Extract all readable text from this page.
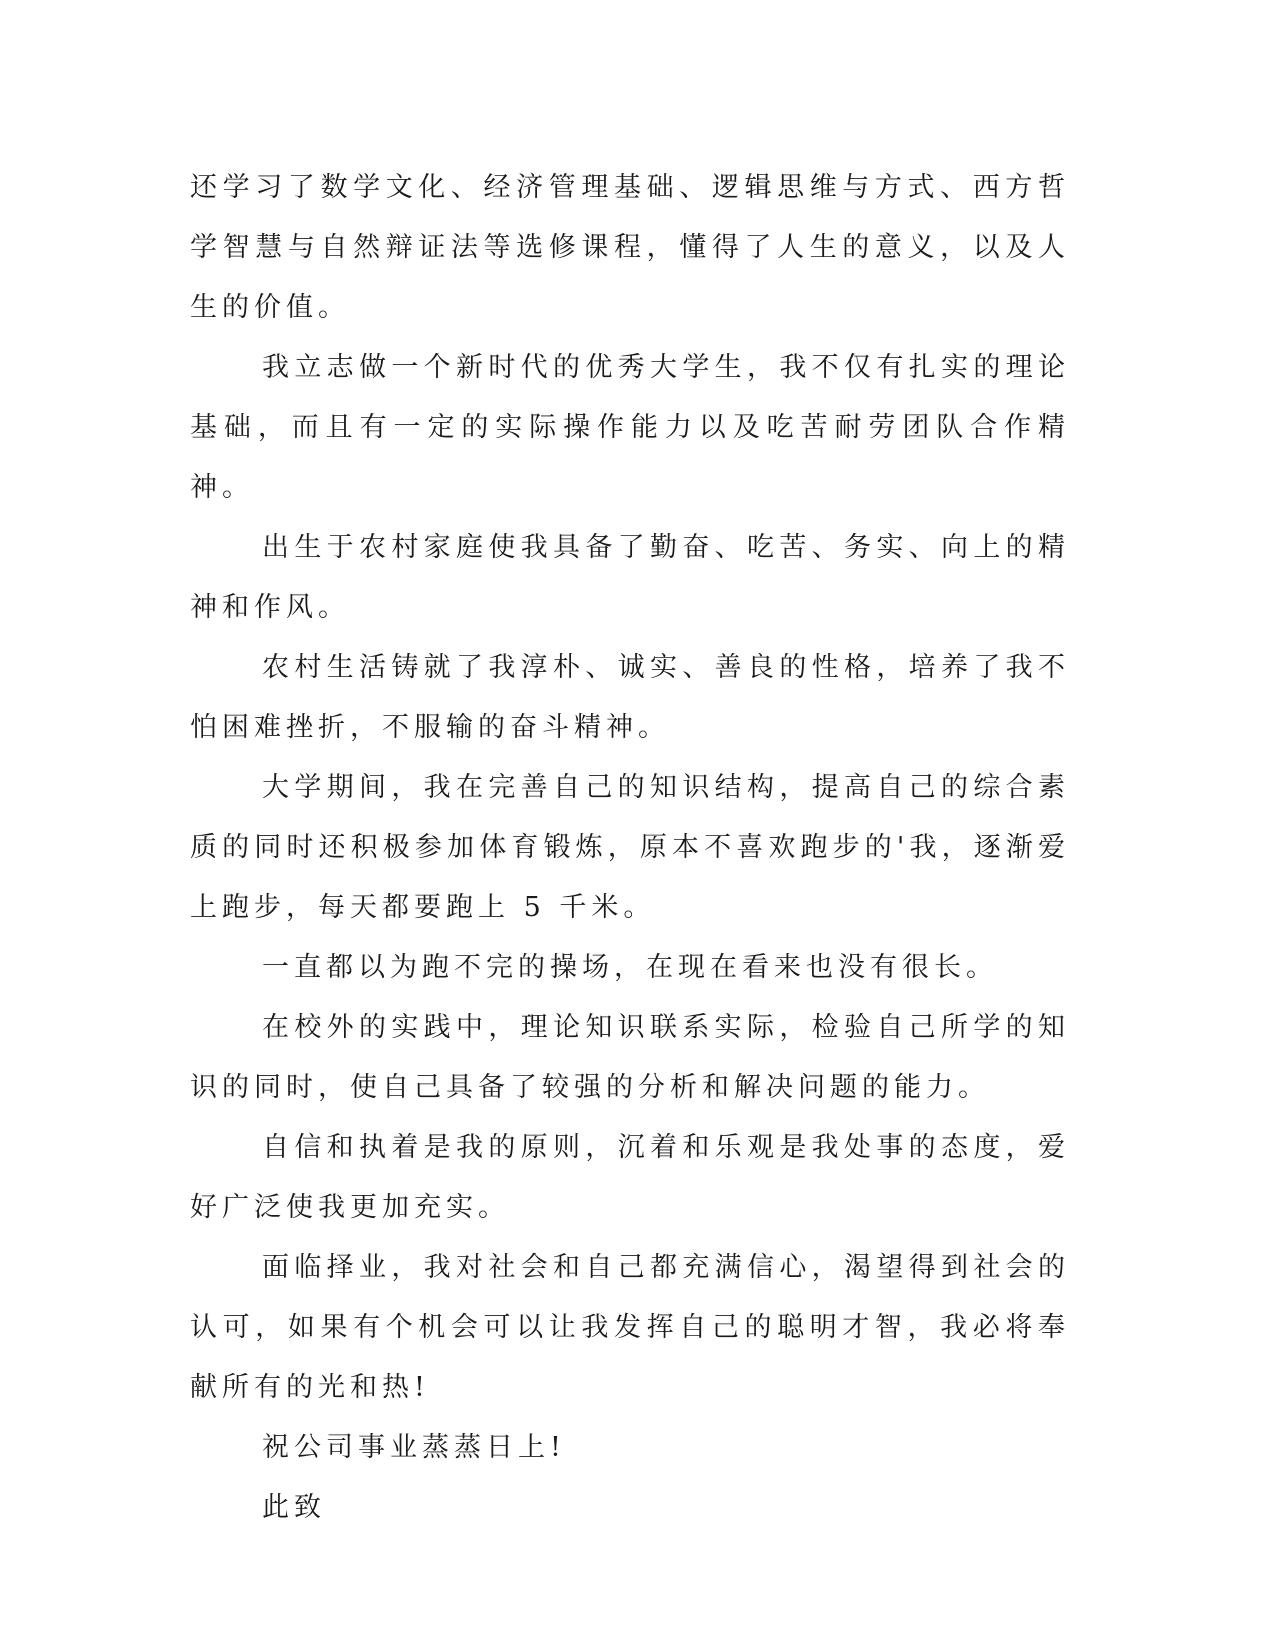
还学习了数学文化、经济管理基础、逻辑思维与方式、西方哲学智慧与自然辩证法等选修课程，懂得了人生的意义，以及人生的价值。

我立志做一个新时代的优秀大学生，我不仅有扎实的理论基础，而且有一定的实际操作能力以及吃苦耐劳团队合作精神。

出生于农村家庭使我具备了勤奋、吃苦、务实、向上的精神和作风。

农村生活铸就了我淳朴、诚实、善良的性格，培养了我不怕困难挫折，不服输的奋斗精神。

大学期间，我在完善自己的知识结构，提高自己的综合素质的同时还积极参加体育锻炼，原本不喜欢跑步的'我，逐渐爱上跑步，每天都要跑上 5 千米。

一直都以为跑不完的操场，在现在看来也没有很长。

在校外的实践中，理论知识联系实际，检验自己所学的知识的同时，使自己具备了较强的分析和解决问题的能力。

自信和执着是我的原则，沉着和乐观是我处事的态度，爱好广泛使我更加充实。

面临择业，我对社会和自己都充满信心，渴望得到社会的认可，如果有个机会可以让我发挥自己的聪明才智，我必将奉献所有的光和热!

祝公司事业蒸蒸日上!

此致
